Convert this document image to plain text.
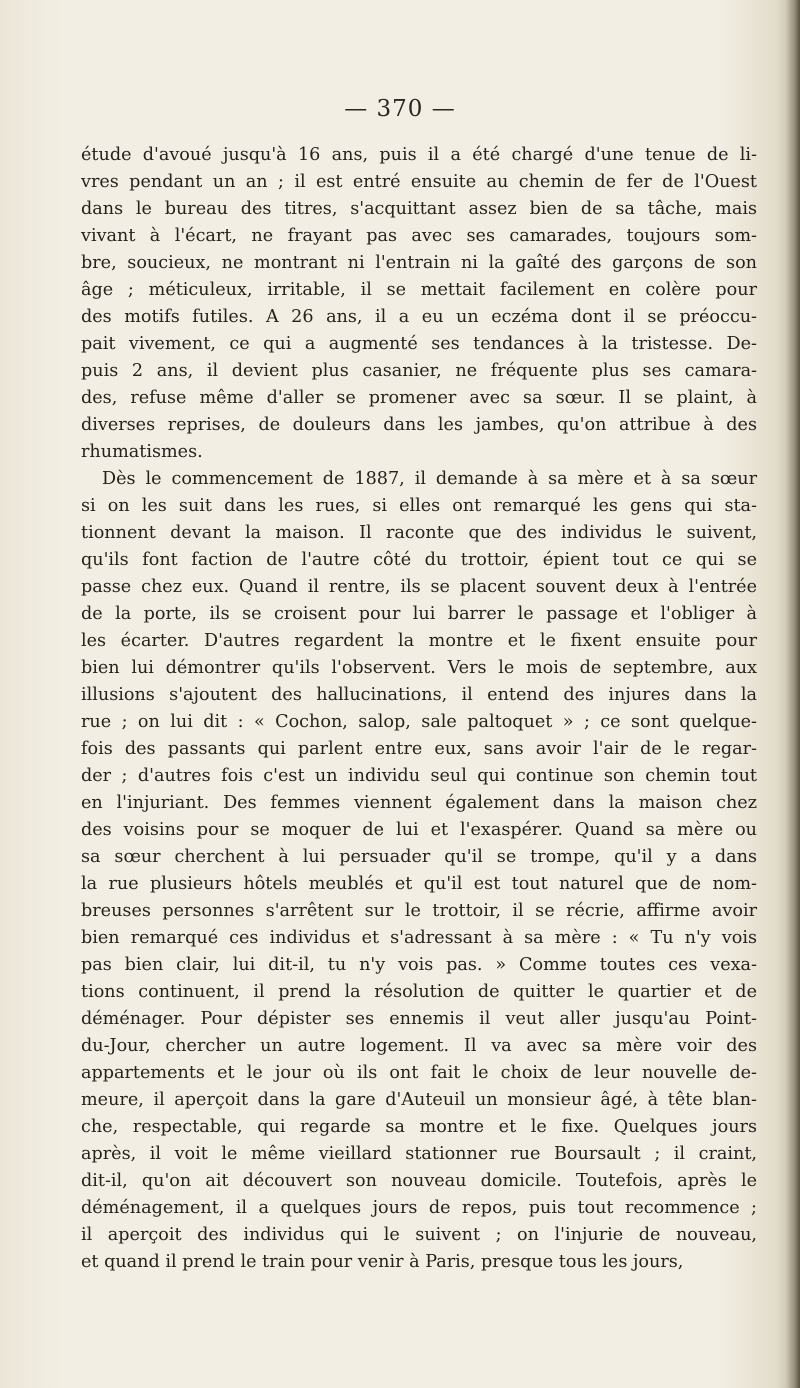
— 370 —
étude d'avoué jusqu'à 16 ans, puis il a été chargé d'une tenue de li-
vres pendant un an ; il est entré ensuite au chemin de fer de l'Ouest
dans le bureau des titres, s'acquittant assez bien de sa tâche, mais
vivant à l'écart, ne frayant pas avec ses camarades, toujours som-
bre, soucieux, ne montrant ni l'entrain ni la gaîté des garçons de son
âge ; méticuleux, irritable, il se mettait facilement en colère pour
des motifs futiles. A 26 ans, il a eu un eczéma dont il se préoccu-
pait vivement, ce qui a augmenté ses tendances à la tristesse. De-
puis 2 ans, il devient plus casanier, ne fréquente plus ses camara-
des, refuse même d'aller se promener avec sa sœur. Il se plaint, à
diverses reprises, de douleurs dans les jambes, qu'on attribue à des
rhumatismes.
Dès le commencement de 1887, il demande à sa mère et à sa sœur
si on les suit dans les rues, si elles ont remarqué les gens qui sta-
tionnent devant la maison. Il raconte que des individus le suivent,
qu'ils font faction de l'autre côté du trottoir, épient tout ce qui se
passe chez eux. Quand il rentre, ils se placent souvent deux à l'entrée
de la porte, ils se croisent pour lui barrer le passage et l'obliger à
les écarter. D'autres regardent la montre et le fixent ensuite pour
bien lui démontrer qu'ils l'observent. Vers le mois de septembre, aux
illusions s'ajoutent des hallucinations, il entend des injures dans la
rue ; on lui dit : « Cochon, salop, sale paltoquet » ; ce sont quelque-
fois des passants qui parlent entre eux, sans avoir l'air de le regar-
der ; d'autres fois c'est un individu seul qui continue son chemin tout
en l'injuriant. Des femmes viennent également dans la maison chez
des voisins pour se moquer de lui et l'exaspérer. Quand sa mère ou
sa sœur cherchent à lui persuader qu'il se trompe, qu'il y a dans
la rue plusieurs hôtels meublés et qu'il est tout naturel que de nom-
breuses personnes s'arrêtent sur le trottoir, il se récrie, affirme avoir
bien remarqué ces individus et s'adressant à sa mère : « Tu n'y vois
pas bien clair, lui dit-il, tu n'y vois pas. » Comme toutes ces vexa-
tions continuent, il prend la résolution de quitter le quartier et de
déménager. Pour dépister ses ennemis il veut aller jusqu'au Point-
du-Jour, chercher un autre logement. Il va avec sa mère voir des
appartements et le jour où ils ont fait le choix de leur nouvelle de-
meure, il aperçoit dans la gare d'Auteuil un monsieur âgé, à tête blan-
che, respectable, qui regarde sa montre et le fixe. Quelques jours
après, il voit le même vieillard stationner rue Boursault ; il craint,
dit-il, qu'on ait découvert son nouveau domicile. Toutefois, après le
déménagement, il a quelques jours de repos, puis tout recommence ;
il aperçoit des individus qui le suivent ; on l'injurie de nouveau,
et quand il prend le train pour venir à Paris, presque tous les jours,
